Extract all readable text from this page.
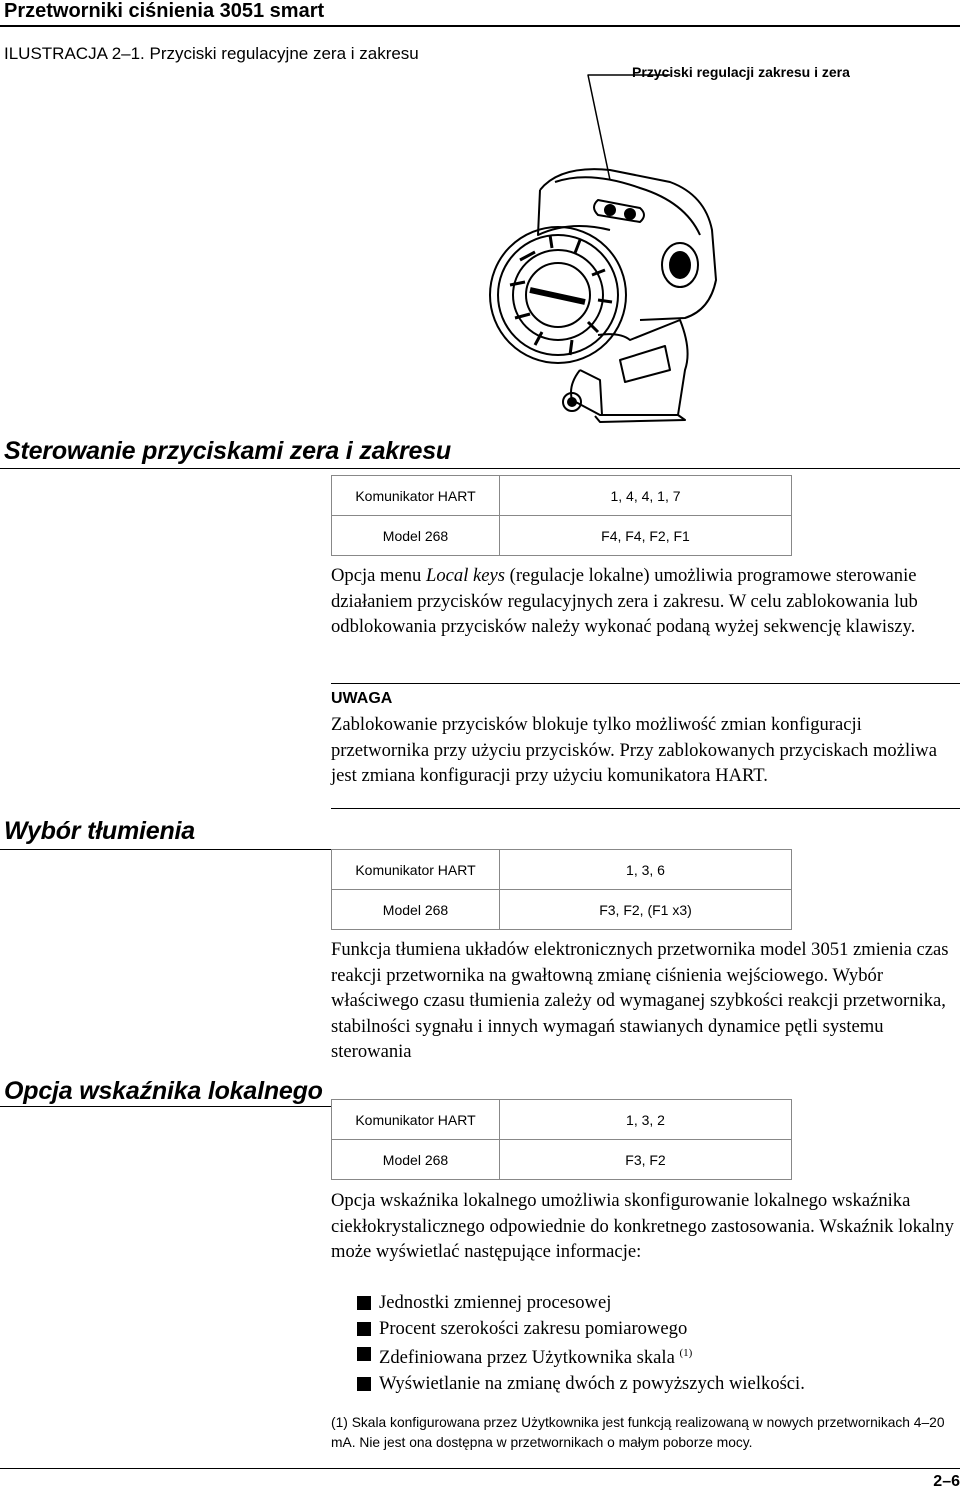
Przetworniki ciśnienia 3051 smart
ILUSTRACJA 2–1. Przyciski regulacyjne zera i zakresu
Przyciski regulacji zakresu i zera
Sterowanie przyciskami zera i zakresu
Komunikator HART	1, 4, 4, 1, 7
Model 268	F4, F4, F2, F1
Opcja menu Local keys (regulacje lokalne) umożliwia programowe sterowanie działaniem przycisków regulacyjnych zera i zakresu. W celu zablokowania lub odblokowania przycisków należy wykonać podaną wyżej sekwencję klawiszy.
UWAGA
Zablokowanie przycisków blokuje tylko możliwość zmian konfiguracji przetwornika przy użyciu przycisków. Przy zablokowanych przyciskach możliwa jest zmiana konfiguracji przy użyciu komunikatora HART.
Wybór tłumienia
Komunikator HART	1, 3, 6
Model 268	F3, F2, (F1 x3)
Funkcja tłumiena układów elektronicznych przetwornika model 3051 zmienia czas reakcji przetwornika na gwałtowną zmianę ciśnienia wejściowego. Wybór właściwego czasu tłumienia zależy od wymaganej szybkości reakcji przetwornika, stabilności sygnału i innych wymagań stawianych dynamice pętli systemu sterowania
Opcja wskaźnika lokalnego
Komunikator HART	1, 3, 2
Model 268	F3, F2
Opcja wskaźnika lokalnego umożliwia skonfigurowanie lokalnego wskaźnika ciekłokrystalicznego odpowiednie do konkretnego zastosowania. Wskaźnik lokalny może wyświetlać następujące informacje:
Jednostki zmiennej procesowej
Procent szerokości zakresu pomiarowego
Zdefiniowana przez Użytkownika skala $^{(1)}$
Wyświetlanie na zmianę dwóch z powyższych wielkości.
(1) Skala konfigurowana przez Użytkownika jest funkcją realizowaną w nowych przetwornikach 4–20 mA. Nie jest ona dostępna w przetwornikach o małym poborze mocy.
2–6
